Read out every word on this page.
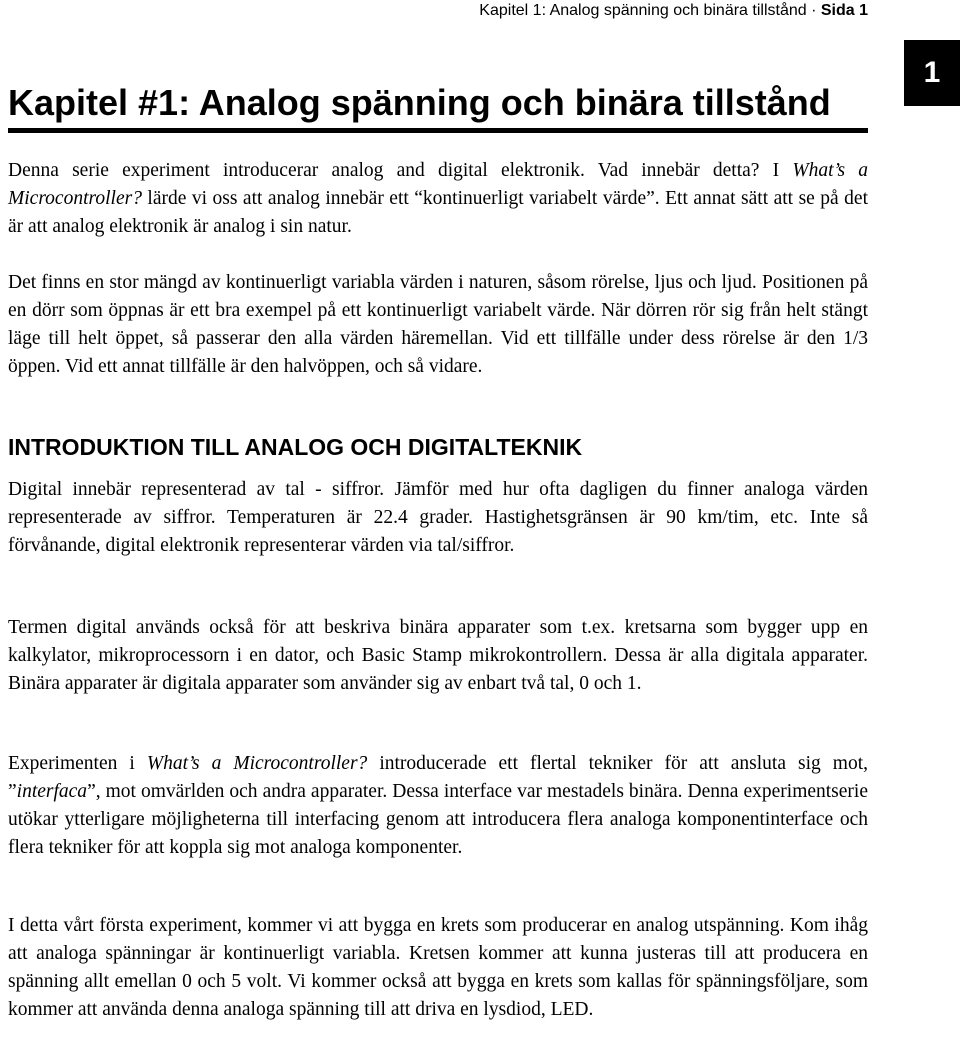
Kapitel 1: Analog spänning och binära tillstånd · Sida 1
1
Kapitel #1: Analog spänning och binära tillstånd

Denna serie experiment introducerar analog and digital elektronik. Vad innebär detta? I What’s a Microcontroller? lärde vi oss att analog innebär ett “kontinuerligt variabelt värde”. Ett annat sätt att se på det är att analog elektronik är analog i sin natur.

Det finns en stor mängd av kontinuerligt variabla värden i naturen, såsom rörelse, ljus och ljud. Positionen på en dörr som öppnas är ett bra exempel på ett kontinuerligt variabelt värde. När dörren rör sig från helt stängt läge till helt öppet, så passerar den alla värden häremellan. Vid ett tillfälle under dess rörelse är den 1/3 öppen. Vid ett annat tillfälle är den halvöppen, och så vidare.

INTRODUKTION TILL ANALOG OCH DIGITALTEKNIK

Digital innebär representerad av tal - siffror. Jämför med hur ofta dagligen du finner analoga värden representerade av siffror. Temperaturen är 22.4 grader. Hastighetsgränsen är 90 km/tim, etc. Inte så förvånande, digital elektronik representerar värden via tal/siffror.

Termen digital används också för att beskriva binära apparater som t.ex. kretsarna som bygger upp en kalkylator, mikroprocessorn i en dator, och Basic Stamp mikrokontrollern. Dessa är alla digitala apparater. Binära apparater är digitala apparater som använder sig av enbart två tal, 0 och 1.

Experimenten i What’s a Microcontroller? introducerade ett flertal tekniker för att ansluta sig mot, ”interfaca”, mot omvärlden och andra apparater. Dessa interface var mestadels binära. Denna experimentserie utökar ytterligare möjligheterna till interfacing genom att introducera flera analoga komponentinterface och flera tekniker för att koppla sig mot analoga komponenter.

I detta vårt första experiment, kommer vi att bygga en krets som producerar en analog utspänning. Kom ihåg att analoga spänningar är kontinuerligt variabla. Kretsen kommer att kunna justeras till att producera en spänning allt emellan 0 och 5 volt. Vi kommer också att bygga en krets som kallas för spänningsföljare, som kommer att använda denna analoga spänning till att driva en lysdiod, LED.
